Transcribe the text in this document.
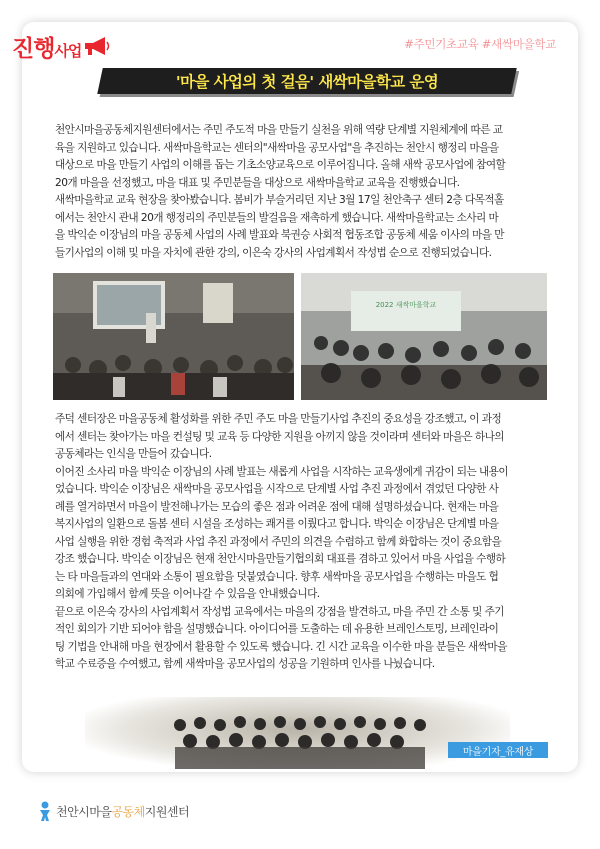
진행사업	#주민기초교육 #새싹마을학교
'마을 사업의 첫 걸음' 새싹마을학교 운영
천안시마을공동체지원센터에서는 주민 주도적 마을 만들기 실천을 위해 역량 단계별 지원체계에 따른 교
육을 지원하고 있습니다. 새싹마을학교는 센터의"새싹마을 공모사업"을 추진하는 천안시 행정리 마을을
대상으로 마을 만들기 사업의 이해를 돕는 기초소양교육으로 이루어집니다. 올해 새싹 공모사업에 참여할
20개 마을을 선정했고, 마을 대표 및 주민분들을 대상으로 새싹마을학교 교육을 진행했습니다.
새싹마을학교 교육 현장을 찾아봤습니다. 봄비가 부슬거리던 지난 3월 17일 천안축구 센터 2층 다목적홀
에서는 천안시 관내 20개 행정리의 주민분들의 발걸음을 재촉하게 했습니다. 새싹마을학교는 소사리 마
을 박익순 이장님의 마을 공동체 사업의 사례 발표와 북권승 사회적 협동조합 공동체 세움 이사의 마을 만
들기사업의 이해 및 마을 자치에 관한 강의, 이은숙 강사의 사업계획서 작성법 순으로 진행되었습니다.
2022 새싹마을학교
주덕 센터장은 마을공동체 활성화를 위한 주민 주도 마을 만들기사업 추진의 중요성을 강조했고, 이 과정
에서 센터는 찾아가는 마을 컨설팅 및 교육 등 다양한 지원을 아끼지 않을 것이라며 센터와 마을은 하나의
공동체라는 인식을 만들어 갔습니다.
이어진 소사리 마을 박익순 이장님의 사례 발표는 새롭게 사업을 시작하는 교육생에게 귀감이 되는 내용이
었습니다. 박익순 이장님은 새싹마을 공모사업을 시작으로 단계별 사업 추진 과정에서 겪었던 다양한 사
례를 열거하면서 마을이 발전해나가는 모습의 좋은 점과 어려운 점에 대해 설명하셨습니다. 현재는 마을
복지사업의 일환으로 돌봄 센터 시설을 조성하는 쾌거를 이뤘다고 합니다. 박익순 이장님은 단계별 마을
사업 실행을 위한 경험 축적과 사업 추진 과정에서 주민의 의견을 수렴하고 함께 화합하는 것이 중요함을
강조 했습니다. 박익순 이장님은 현재 천안시마을만들기협의회 대표를 겸하고 있어서 마을 사업을 수행하
는 타 마을들과의 연대와 소통이 필요함을 덧붙였습니다. 향후 새싹마을 공모사업을 수행하는 마을도 협
의회에 가입해서 함께 뜻을 이어나갈 수 있음을 안내했습니다.
끝으로 이은숙 강사의 사업계획서 작성법 교육에서는 마을의 강점을 발견하고, 마을 주민 간 소통 및 주기
적인 회의가 기반 되어야 함을 설명했습니다. 아이디어를 도출하는 데 유용한 브레인스토밍, 브레인라이
팅 기법을 안내해 마을 현장에서 활용할 수 있도록 했습니다. 긴 시간 교육을 이수한 마을 분들은 새싹마을
학교 수료증을 수여했고, 함께 새싹마을 공모사업의 성공을 기원하며 인사를 나눴습니다.
마을기자_유재상
천안시마을공동체지원센터
